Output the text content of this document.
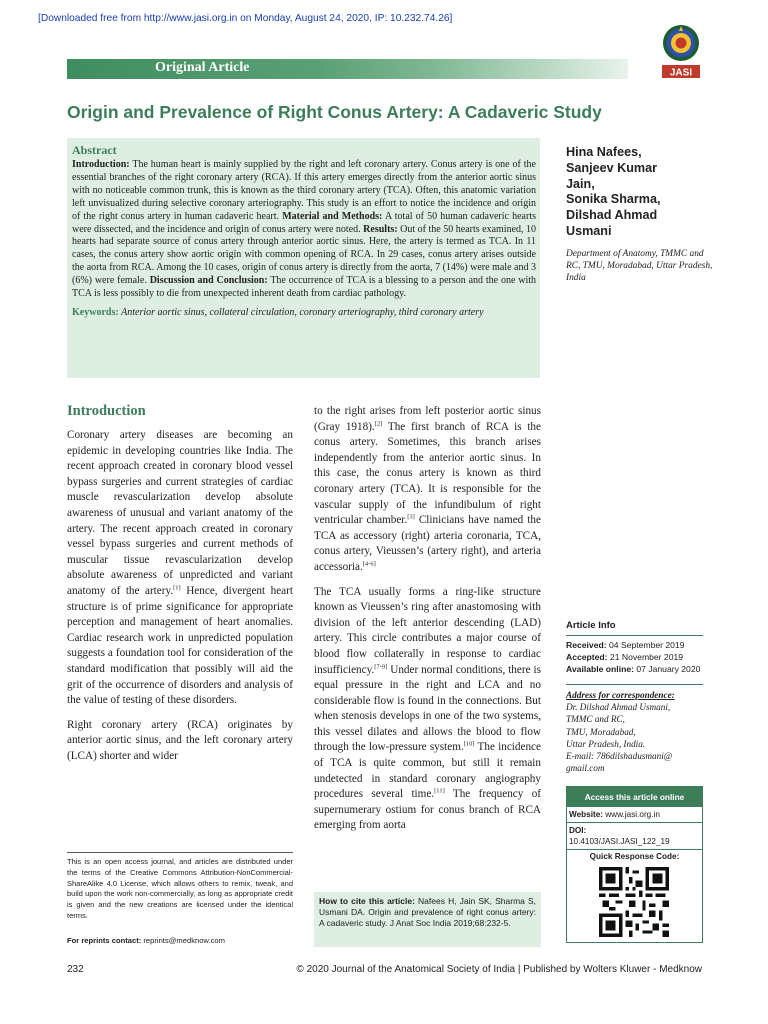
[Downloaded free from http://www.jasi.org.in on Monday, August 24, 2020, IP: 10.232.74.26]
JASI
Original Article
Origin and Prevalence of Right Conus Artery: A Cadaveric Study
Abstract
Introduction: The human heart is mainly supplied by the right and left coronary artery. Conus artery is one of the essential branches of the right coronary artery (RCA). If this artery emerges directly from the anterior aortic sinus with no noticeable common trunk, this is known as the third coronary artery (TCA). Often, this anatomic variation left unvisualized during selective coronary arteriography. This study is an effort to notice the incidence and origin of the right conus artery in human cadaveric heart. Material and Methods: A total of 50 human cadaveric hearts were dissected, and the incidence and origin of conus artery were noted. Results: Out of the 50 hearts examined, 10 hearts had separate source of conus artery through anterior aortic sinus. Here, the artery is termed as TCA. In 11 cases, the conus artery show aortic origin with common opening of RCA. In 29 cases, conus artery arises outside the aorta from RCA. Among the 10 cases, origin of conus artery is directly from the aorta, 7 (14%) were male and 3 (6%) were female. Discussion and Conclusion: The occurrence of TCA is a blessing to a person and the one with TCA is less possibly to die from unexpected inherent death from cardiac pathology.
Keywords: Anterior aortic sinus, collateral circulation, coronary arteriography, third coronary artery
Hina Nafees,
Sanjeev Kumar
Jain,
Sonika Sharma,
Dilshad Ahmad
Usmani
Department of Anatomy, TMMC and RC, TMU, Moradabad, Uttar Pradesh, India
Introduction

Coronary artery diseases are becoming an epidemic in developing countries like India. The recent approach created in coronary blood vessel bypass surgeries and current strategies of cardiac muscle revascularization develop absolute awareness of unusual and variant anatomy of the artery. The recent approach created in coronary vessel bypass surgeries and current methods of muscular tissue revascularization develop absolute awareness of unpredicted and variant anatomy of the artery.[1] Hence, divergent heart structure is of prime significance for appropriate perception and management of heart anomalies. Cardiac research work in unpredicted population suggests a foundation tool for consideration of the standard modification that possibly will aid the grit of the occurrence of disorders and analysis of the value of testing of these disorders.

Right coronary artery (RCA) originates by anterior aortic sinus, and the left coronary artery (LCA) shorter and wider

to the right arises from left posterior aortic sinus (Gray 1918).[2] The first branch of RCA is the conus artery. Sometimes, this branch arises independently from the anterior aortic sinus. In this case, the conus artery is known as third coronary artery (TCA). It is responsible for the vascular supply of the infundibulum of right ventricular chamber.[3] Clinicians have named the TCA as accessory (right) arteria coronaria, TCA, conus artery, Vieussen’s (artery right), and arteria accessoria.[4-6]

The TCA usually forms a ring-like structure known as Vieussen’s ring after anastomosing with division of the left anterior descending (LAD) artery. This circle contributes a major course of blood flow collaterally in response to cardiac insufficiency.[7-9] Under normal conditions, there is equal pressure in the right and LCA and no considerable flow is found in the connections. But when stenosis develops in one of the two systems, this vessel dilates and allows the blood to flow through the low-pressure system.[10] The incidence of TCA is quite common, but still it remain undetected in standard coronary angiography procedures several time.[11] The frequency of supernumerary ostium for conus branch of RCA emerging from aorta

This is an open access journal, and articles are distributed under the terms of the Creative Commons Attribution-NonCommercial-ShareAlike 4.0 License, which allows others to remix, tweak, and build upon the work non-commercially, as long as appropriate credit is given and the new creations are licensed under the identical terms.
For reprints contact: reprints@medknow.com
How to cite this article: Nafees H, Jain SK, Sharma S, Usmani DA. Origin and prevalence of right conus artery: A cadaveric study. J Anat Soc India 2019;68:232-5.
Article Info
Received: 04 September 2019
Accepted: 21 November 2019
Available online: 07 January 2020
Address for correspondence:
Dr. Dilshad Ahmad Usmani,
TMMC and RC,
TMU, Moradabad,
Uttar Pradesh, India.
E-mail: 786dilshadusmani@
gmail.com
Access this article online
Website: www.jasi.org.in
DOI:
10.4103/JASI.JASI_122_19
Quick Response Code:
232	© 2020 Journal of the Anatomical Society of India | Published by Wolters Kluwer - Medknow
